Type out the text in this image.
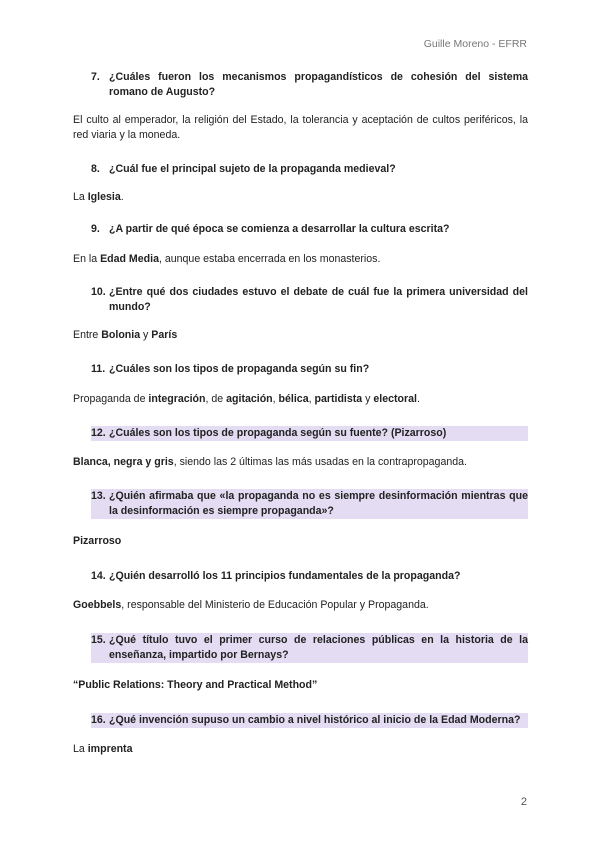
Guille Moreno - EFRR
7. ¿Cuáles fueron los mecanismos propagandísticos de cohesión del sistema romano de Augusto?
El culto al emperador, la religión del Estado, la tolerancia y aceptación de cultos periféricos, la red viaria y la moneda.
8. ¿Cuál fue el principal sujeto de la propaganda medieval?
La Iglesia.
9. ¿A partir de qué época se comienza a desarrollar la cultura escrita?
En la Edad Media, aunque estaba encerrada en los monasterios.
10. ¿Entre qué dos ciudades estuvo el debate de cuál fue la primera universidad del mundo?
Entre Bolonia y París
11. ¿Cuáles son los tipos de propaganda según su fin?
Propaganda de integración, de agitación, bélica, partidista y electoral.
12. ¿Cuáles son los tipos de propaganda según su fuente? (Pizarroso)
Blanca, negra y gris, siendo las 2 últimas las más usadas en la contrapropaganda.
13. ¿Quién afirmaba que «la propaganda no es siempre desinformación mientras que la desinformación es siempre propaganda»?
Pizarroso
14. ¿Quién desarrolló los 11 principios fundamentales de la propaganda?
Goebbels, responsable del Ministerio de Educación Popular y Propaganda.
15. ¿Qué título tuvo el primer curso de relaciones públicas en la historia de la enseñanza, impartido por Bernays?
“Public Relations: Theory and Practical Method”
16. ¿Qué invención supuso un cambio a nivel histórico al inicio de la Edad Moderna?
La imprenta
2
